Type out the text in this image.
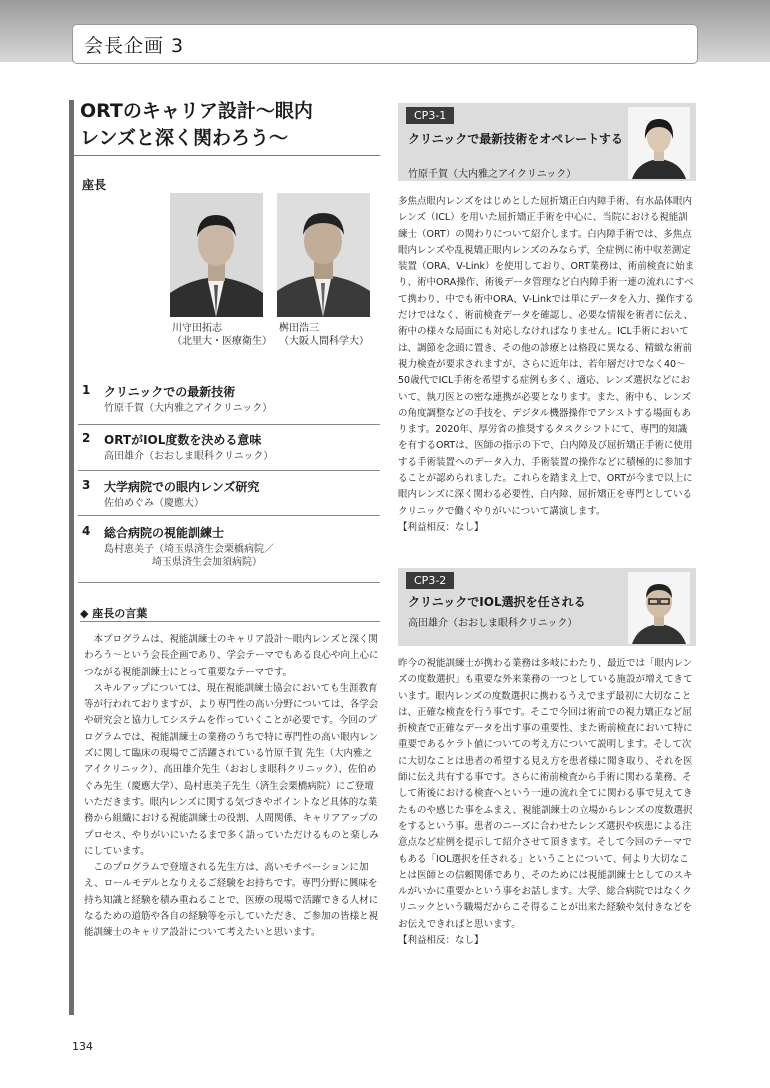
会長企画 3
ORTのキャリア設計〜眼内
レンズと深く関わろう〜
座長
川守田拓志
（北里大・医療衛生）
桝田浩三
（大阪人間科学大）
1 クリニックでの最新技術
竹原千賀（大内雅之アイクリニック）
2 ORTがIOL度数を決める意味
高田雄介（おおしま眼科クリニック）
3 大学病院での眼内レンズ研究
佐伯めぐみ（慶應大）
4 総合病院の視能訓練士
島村恵美子（埼玉県済生会栗橋病院／
埼玉県済生会加須病院）
◆ 座長の言葉

本プログラムは、視能訓練士のキャリア設計〜眼内レンズと深く関わろう〜という会長企画であり、学会テーマでもある良心や向上心につながる視能訓練士にとって重要なテーマです。

スキルアップについては、現在視能訓練士協会においても生涯教育等が行われておりますが、より専門性の高い分野については、各学会や研究会と協力してシステムを作っていくことが必要です。今回のプログラムでは、視能訓練士の業務のうちで特に専門性の高い眼内レンズに関して臨床の現場でご活躍されている竹原千賀 先生（大内雅之アイクリニック）、高田雄介先生（おおしま眼科クリニック）、佐伯めぐみ先生（慶應大学）、島村恵美子先生（済生会栗橋病院）にご登壇いただきます。眼内レンズに関する気づきやポイントなど具体的な業務から組織における視能訓練士の役割、人間関係、キャリアアップのプロセス、やりがいにいたるまで多く語っていただけるものと楽しみにしています。

このプログラムで登壇される先生方は、高いモチベーションに加え、ロールモデルとなりえるご経験をお持ちです。専門分野に興味を持ち知識と経験を積み重ねることで、医療の現場で活躍できる人材になるための道筋や各自の経験等を示していただき、ご参加の皆様と視能訓練士のキャリア設計について考えたいと思います。

CP3-1
クリニックで最新技術をオペレートする
竹原千賀（大内雅之アイクリニック）

多焦点眼内レンズをはじめとした屈折矯正白内障手術、有水晶体眼内レンズ（ICL）を用いた屈折矯正手術を中心に、当院における視能訓練士（ORT）の関わりについて紹介します。白内障手術では、多焦点眼内レンズや乱視矯正眼内レンズのみならず、全症例に術中収差測定装置（ORA、V-Link）を使用しており、ORT業務は、術前検査に始まり、術中ORA操作、術後データ管理など白内障手術一連の流れにすべて携わり、中でも術中ORA、V-Linkでは単にデータを入力、操作するだけではなく、術前検査データを確認し、必要な情報を術者に伝え、術中の様々な局面にも対応しなければなりません。ICL手術においては、調節を念頭に置き、その他の診療とは格段に異なる、精緻な術前視力検査が要求されますが、さらに近年は、若年層だけでなく40〜50歳代でICL手術を希望する症例も多く、適応、レンズ選択などにおいて、執刀医との密な連携が必要となります。また、術中も、レンズの角度調整などの手技を、デジタル機器操作でアシストする場面もあります。2020年、厚労省の推奨するタスクシフトにて、専門的知識を有するORTは、医師の指示の下で、白内障及び屈折矯正手術に使用する手術装置へのデータ入力、手術装置の操作などに積極的に参加することが認められました。これらを踏まえ上で、ORTが今まで以上に眼内レンズに深く関わる必要性、白内障、屈折矯正を専門としているクリニックで働くやりがいについて講演します。

【利益相反：なし】

CP3-2
クリニックでIOL選択を任される
高田雄介（おおしま眼科クリニック）

昨今の視能訓練士が携わる業務は多岐にわたり、最近では「眼内レンズの度数選択」も重要な外来業務の一つとしている施設が増えてきています。眼内レンズの度数選択に携わるうえでまず最初に大切なことは、正確な検査を行う事です。そこで今回は術前での視力矯正など屈折検査で正確なデータを出す事の重要性、また術前検査において特に重要であるケラト値についての考え方について説明します。そして次に大切なことは患者の希望する見え方を患者様に聞き取り、それを医師に伝え共有する事です。さらに術前検査から手術に関わる業務、そして術後における検査へという一連の流れ全てに関わる事で見えてきたものや感じた事をふまえ、視能訓練士の立場からレンズの度数選択をするという事。患者のニーズに合わせたレンズ選択や疾患による注意点など症例を提示して紹介させて頂きます。そして今回のテーマでもある「IOL選択を任される」ということについて、何より大切なことは医師との信頼関係であり、そのためには視能訓練士としてのスキルがいかに重要かという事をお話します。大学、総合病院ではなくクリニックという職場だからこそ得ることが出来た経験や気付きなどをお伝えできればと思います。

【利益相反：なし】

134
